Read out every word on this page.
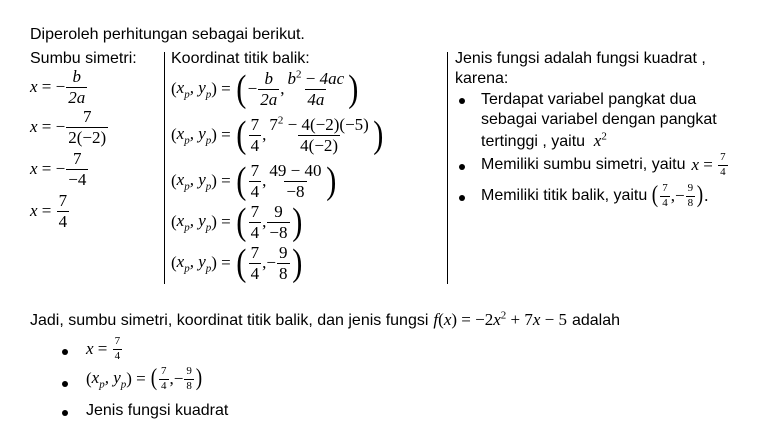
Diperoleh perhitungan sebagai berikut.
Sumbu simetri:
x = − $\frac{b}{2a}$
x = − $\frac{7}{2(-2)}$
x = − $\frac{7}{-4}$
$x = \frac{7}{4}$
Koordinat titik balik:
( $x_p$, $y_p$ ) = ( − $\frac{b}{2a}$ , $\frac{b^2 - 4ac}{4a}$ )
( $x_p$, $y_p$ ) = ( $\frac{7}{4}$ , $\frac{7^2 - 4(-2)(-5)}{4(-2)}$ )
( $x_p$, $y_p$ ) = ( $\frac{7}{4}$ , $\frac{49 - 40}{-8}$ )
( $x_p$, $y_p$ ) = ( $\frac{7}{4}$ , $\frac{9}{-8}$ )
( $x_p$, $y_p$ ) = ( $\frac{7}{4}$ ,− $\frac{9}{8}$ )
Jenis fungsi adalah fungsi kuadrat ,
karena:
Terdapat variabel pangkat dua
sebagai variabel dengan pangkat
tertinggi , yaitu  $x^2$
Memiliki sumbu simetri, yaitu $x = \frac{7}{4}$
Memiliki titik balik, yaitu ( $\frac{7}{4}$ ,− $\frac{9}{8}$ ) .
Jadi, sumbu simetri, koordinat titik balik, dan jenis fungsi $f(x) = -2x^2 + 7x - 5$ adalah
$x = \frac{7}{4}$
( $x_p$, $y_p$ ) = ( $\frac{7}{4}$ ,− $\frac{9}{8}$ )
Jenis fungsi kuadrat
